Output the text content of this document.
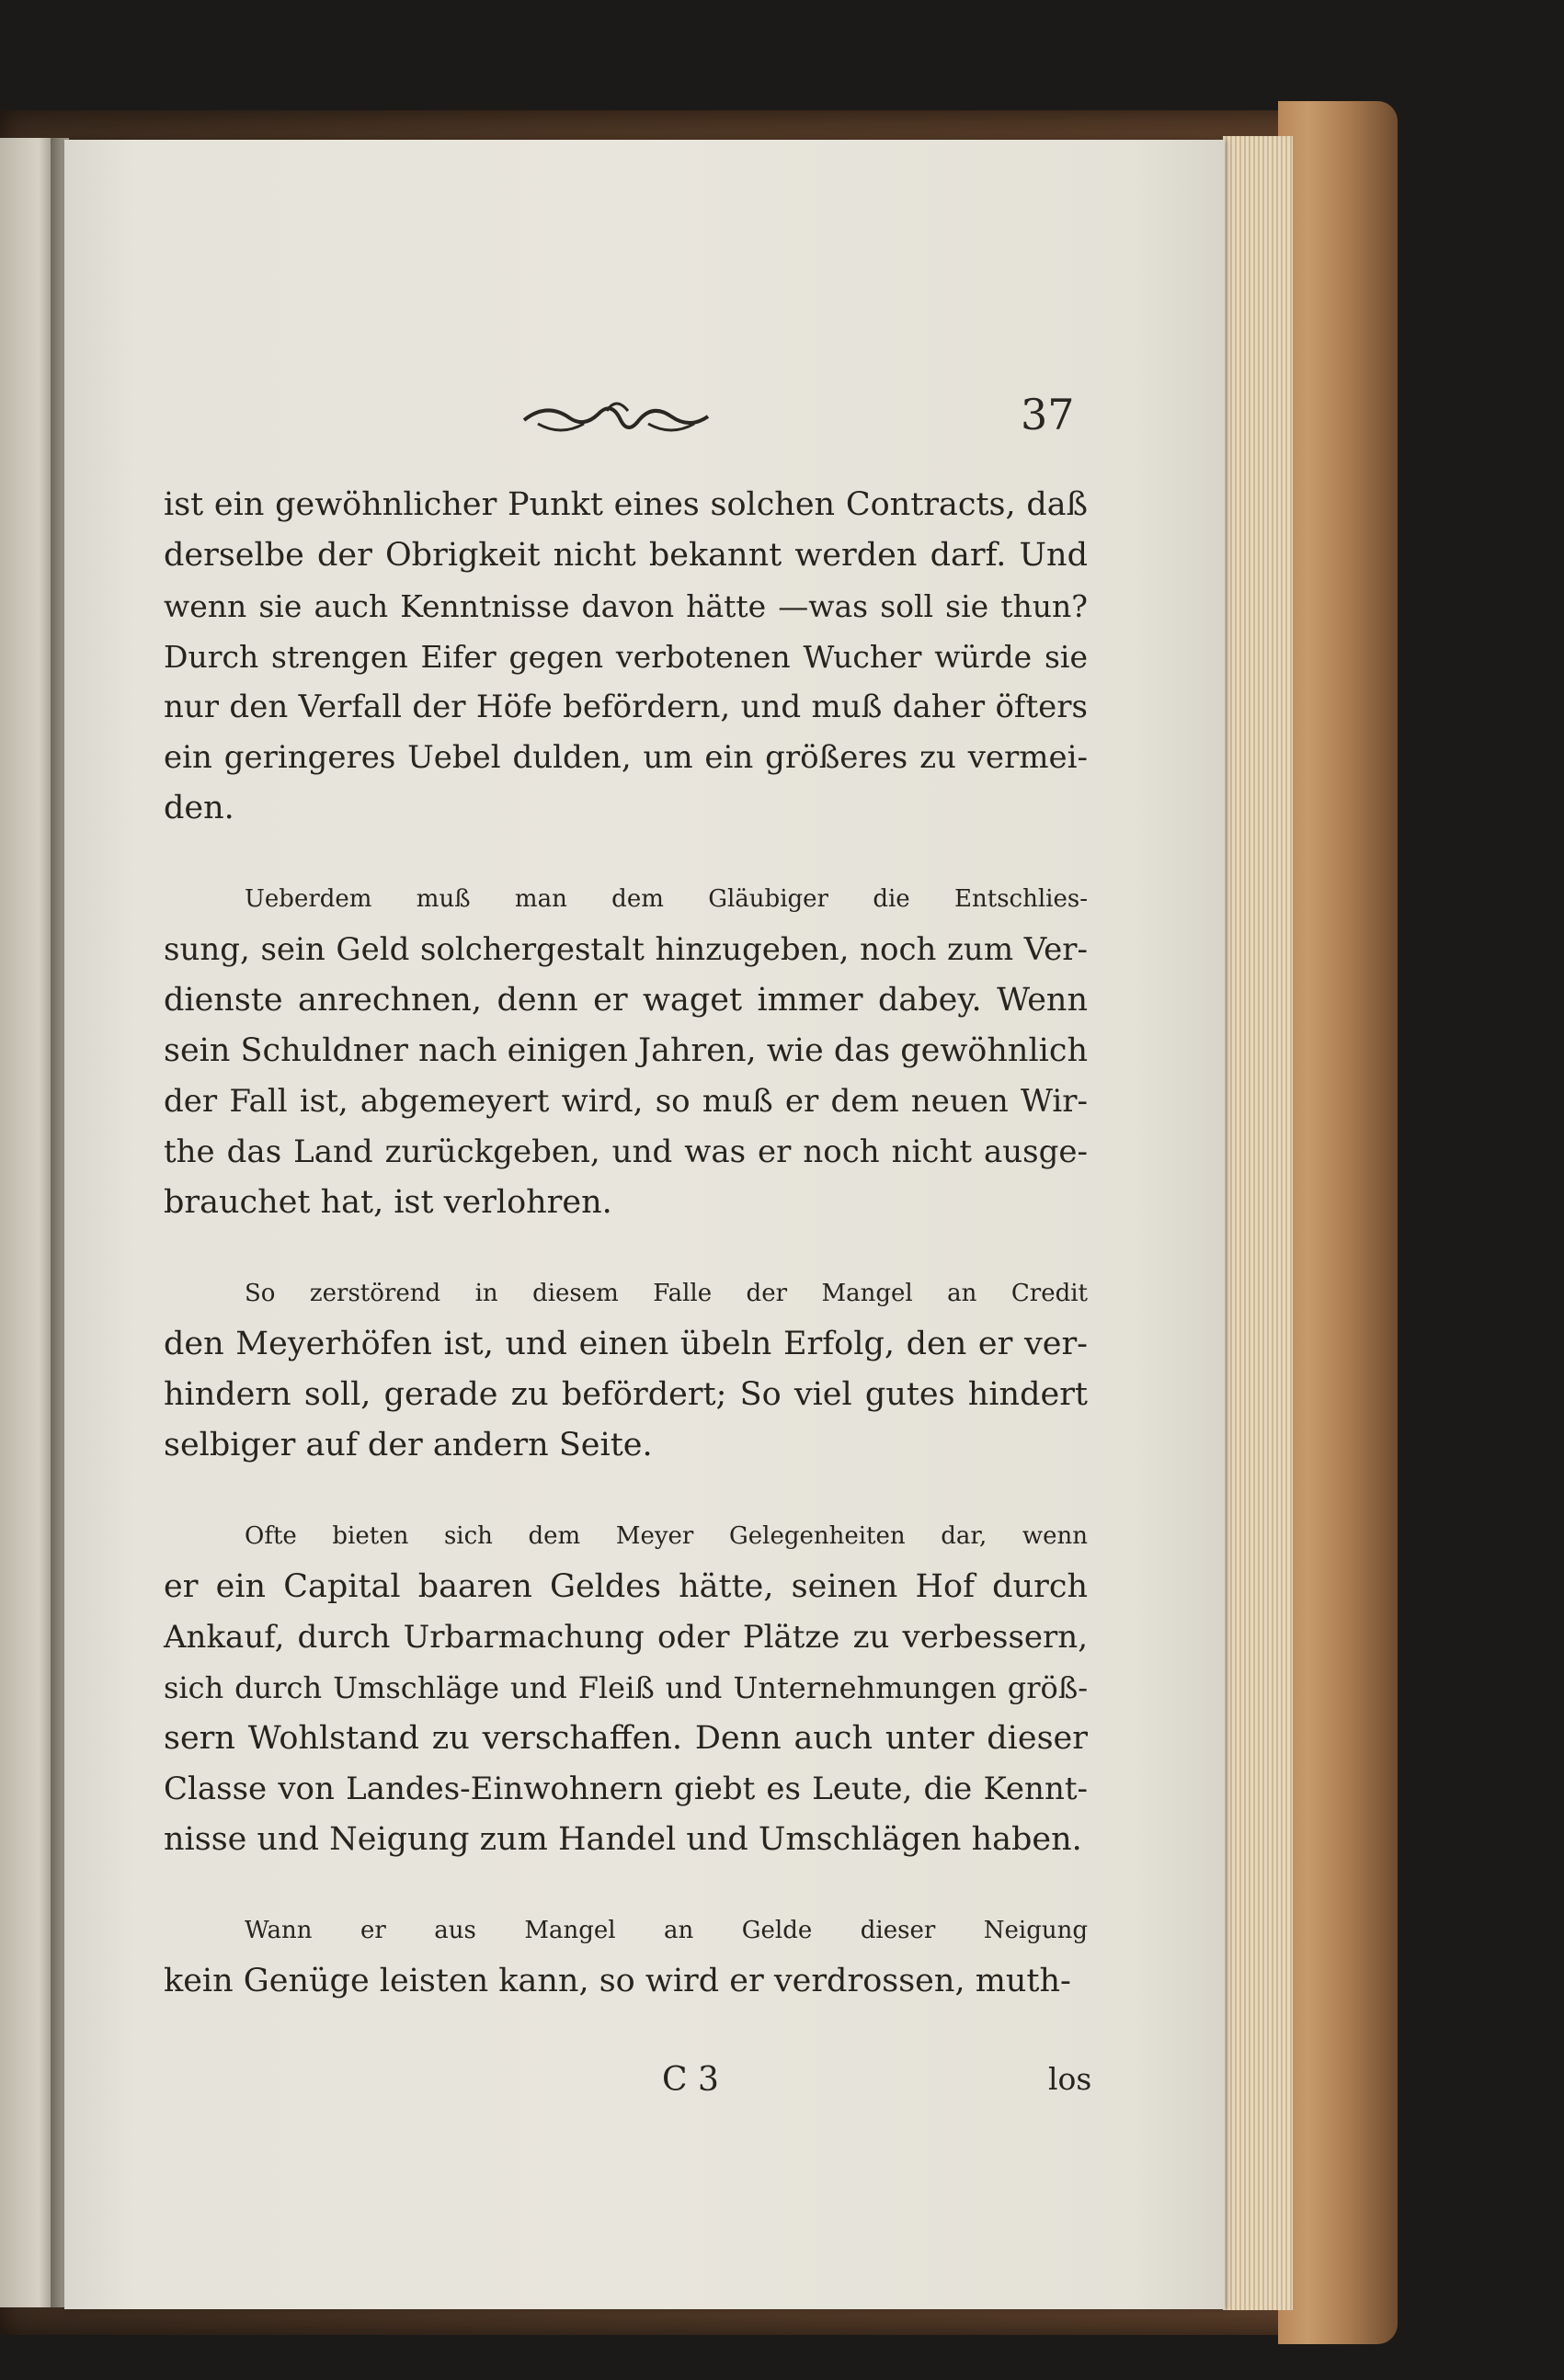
37
ist ein gewöhnlicher Punkt eines solchen Contracts, daß
derselbe der Obrigkeit nicht bekannt werden darf. Und
wenn sie auch Kenntnisse davon hätte —was soll sie thun?
Durch strengen Eifer gegen verbotenen Wucher würde sie
nur den Verfall der Höfe befördern, und muß daher öfters
ein geringeres Uebel dulden, um ein größeres zu vermei-
den.
Ueberdem muß man dem Gläubiger die Entschlies-
sung, sein Geld solchergestalt hinzugeben, noch zum Ver-
dienste anrechnen, denn er waget immer dabey. Wenn
sein Schuldner nach einigen Jahren, wie das gewöhnlich
der Fall ist, abgemeyert wird, so muß er dem neuen Wir-
the das Land zurückgeben, und was er noch nicht ausge-
brauchet hat, ist verlohren.
So zerstörend in diesem Falle der Mangel an Credit
den Meyerhöfen ist, und einen übeln Erfolg, den er ver-
hindern soll, gerade zu befördert; So viel gutes hindert
selbiger auf der andern Seite.
Ofte bieten sich dem Meyer Gelegenheiten dar, wenn
er ein Capital baaren Geldes hätte, seinen Hof durch
Ankauf, durch Urbarmachung oder Plätze zu verbessern,
sich durch Umschläge und Fleiß und Unternehmungen größ-
sern Wohlstand zu verschaffen. Denn auch unter dieser
Classe von Landes-Einwohnern giebt es Leute, die Kennt-
nisse und Neigung zum Handel und Umschlägen haben.
Wann er aus Mangel an Gelde dieser Neigung
kein Genüge leisten kann, so wird er verdrossen, muth-
C 3	los
